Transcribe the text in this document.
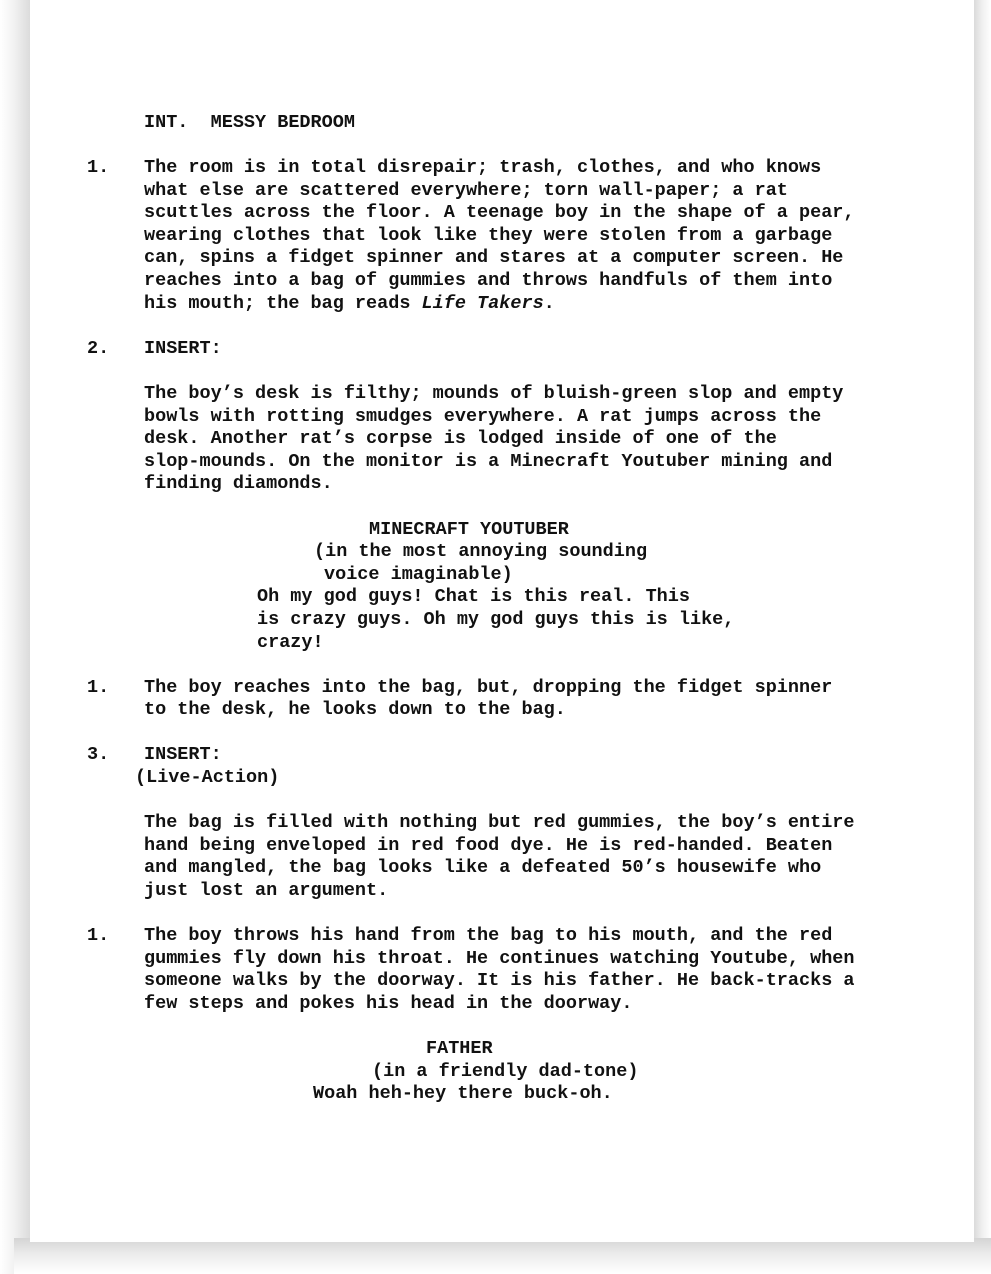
INT.  MESSY BEDROOM
1. The room is in total disrepair; trash, clothes, and who knows
what else are scattered everywhere; torn wall-paper; a rat
scuttles across the floor. A teenage boy in the shape of a pear,
wearing clothes that look like they were stolen from a garbage
can, spins a fidget spinner and stares at a computer screen. He
reaches into a bag of gummies and throws handfuls of them into
his mouth; the bag reads Life Takers.
2. INSERT:
The boy’s desk is filthy; mounds of bluish-green slop and empty
bowls with rotting smudges everywhere. A rat jumps across the
desk. Another rat’s corpse is lodged inside of one of the
slop-mounds. On the monitor is a Minecraft Youtuber mining and
finding diamonds.
MINECRAFT YOUTUBER
(in the most annoying sounding
voice imaginable)
Oh my god guys! Chat is this real. This
is crazy guys. Oh my god guys this is like,
crazy!
1. The boy reaches into the bag, but, dropping the fidget spinner
to the desk, he looks down to the bag.
3. INSERT:
(Live-Action)
The bag is filled with nothing but red gummies, the boy’s entire
hand being enveloped in red food dye. He is red-handed. Beaten
and mangled, the bag looks like a defeated 50’s housewife who
just lost an argument.
1. The boy throws his hand from the bag to his mouth, and the red
gummies fly down his throat. He continues watching Youtube, when
someone walks by the doorway. It is his father. He back-tracks a
few steps and pokes his head in the doorway.
FATHER
(in a friendly dad-tone)
Woah heh-hey there buck-oh.
